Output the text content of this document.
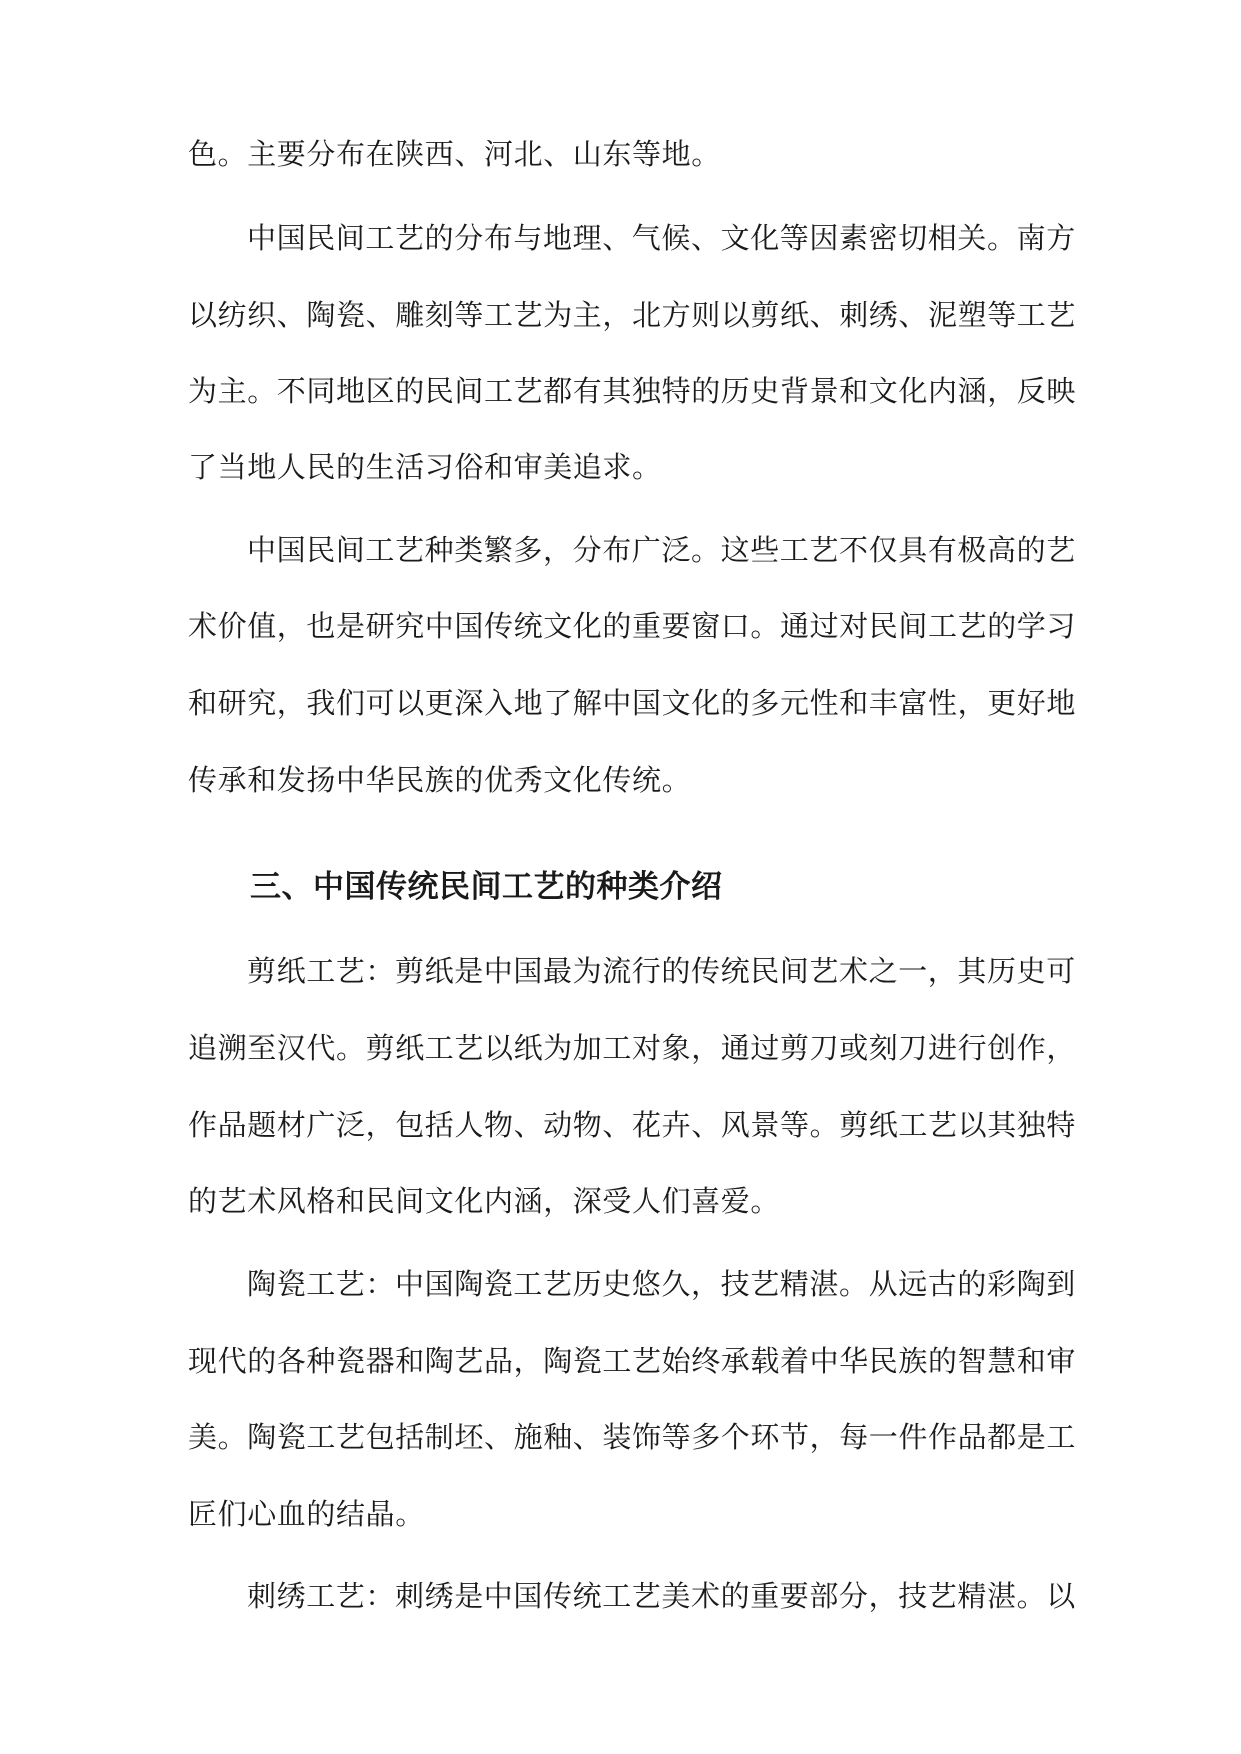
色。主要分布在陕西、河北、山东等地。
中国民间工艺的分布与地理、气候、文化等因素密切相关。南方
以纺织、陶瓷、雕刻等工艺为主，北方则以剪纸、刺绣、泥塑等工艺
为主。不同地区的民间工艺都有其独特的历史背景和文化内涵，反映
了当地人民的生活习俗和审美追求。
中国民间工艺种类繁多，分布广泛。这些工艺不仅具有极高的艺
术价值，也是研究中国传统文化的重要窗口。通过对民间工艺的学习
和研究，我们可以更深入地了解中国文化的多元性和丰富性，更好地
传承和发扬中华民族的优秀文化传统。
三、中国传统民间工艺的种类介绍
剪纸工艺：剪纸是中国最为流行的传统民间艺术之一，其历史可
追溯至汉代。剪纸工艺以纸为加工对象，通过剪刀或刻刀进行创作，
作品题材广泛，包括人物、动物、花卉、风景等。剪纸工艺以其独特
的艺术风格和民间文化内涵，深受人们喜爱。
陶瓷工艺：中国陶瓷工艺历史悠久，技艺精湛。从远古的彩陶到
现代的各种瓷器和陶艺品，陶瓷工艺始终承载着中华民族的智慧和审
美。陶瓷工艺包括制坯、施釉、装饰等多个环节，每一件作品都是工
匠们心血的结晶。
刺绣工艺：刺绣是中国传统工艺美术的重要部分，技艺精湛。以
